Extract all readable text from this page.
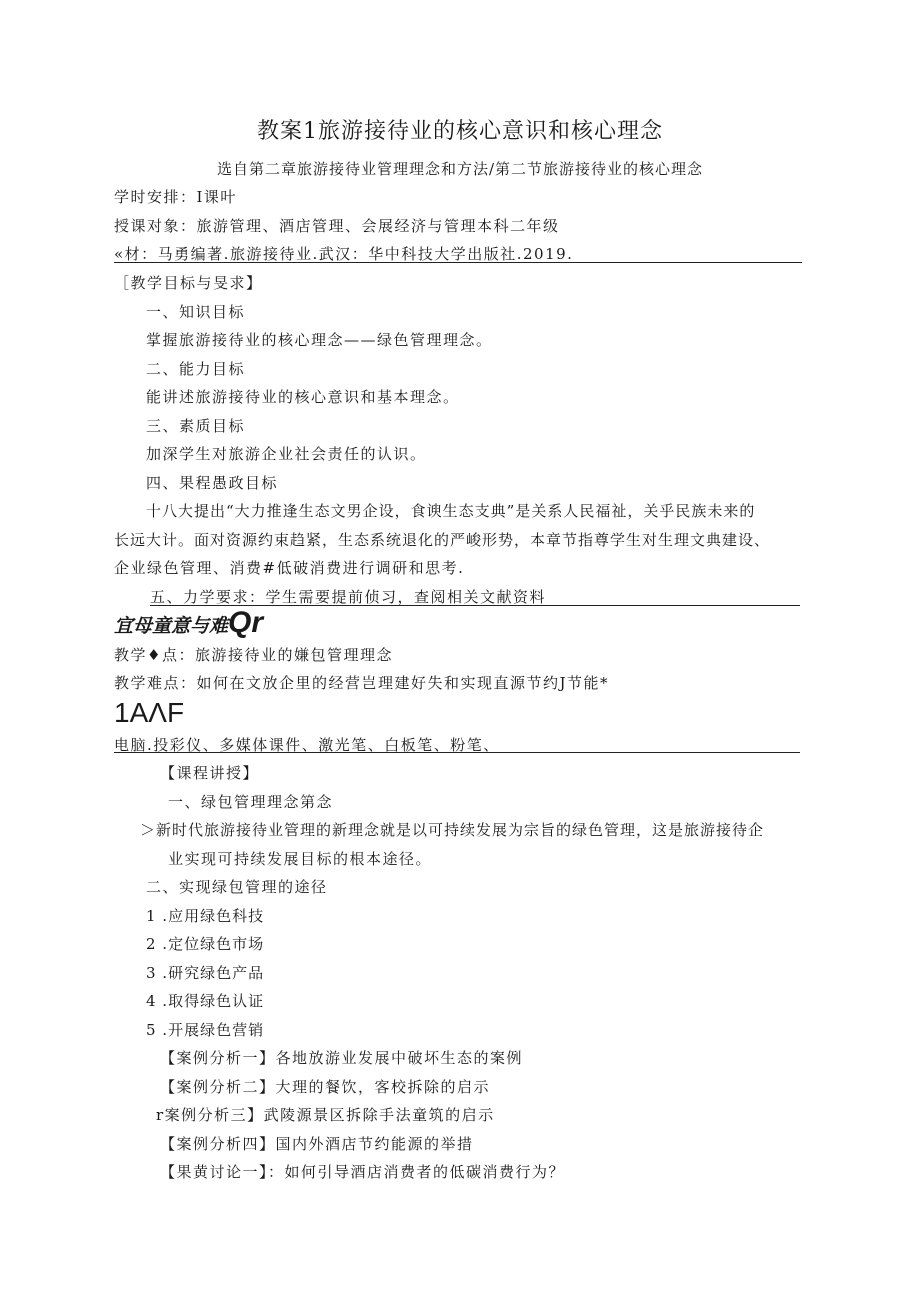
教案1旅游接待业的核心意识和核心理念
选自第二章旅游接待业管理理念和方法/第二节旅游接待业的核心理念
学时安排：I课叶
授课对象：旅游管理、酒店管理、会展经济与管理本科二年级
«材：马勇编著.旅游接待业.武汉：华中科技大学出版社.2019.
［教学目标与旻求】
一、知识目标
掌握旅游接待业的核心理念——绿色管理理念。
二、能力目标
能讲述旅游接待业的核心意识和基本理念。
三、素质目标
加深学生对旅游企业社会责任的认识。
四、果程愚政目标
十八大提出“大力推逢生态文男企设，食谀生态支典”是关系人民福祉，关乎民族未来的
长远大计。面对资源约束趋紧，生态系统退化的严峻形势，本章节指尊学生对生理文典建设、
企业绿色管理、消费#低破消费进行调研和思考.
五、力学要求：学生需要提前侦习，查阅相关文献资料
宜母童意与难Qr
教学♦点：旅游接待业的嫌包管理理念
教学难点：如何在文放企里的经营岂理建好失和实现直源节约J节能*
1AΛF
电脑.投彩仪、多媒体课件、激光笔、白板笔、粉笔、
【课程讲授】
一、绿包管理理念第念
＞新时代旅游接待业管理的新理念就是以可持续发展为宗旨的绿色管理，这是旅游接待企
业实现可持续发展目标的根本途径。
二、实现绿包管理的途径
1 .应用绿色科技
2 .定位绿色市场
3 .研究绿色产品
4 .取得绿色认证
5 .开展绿色营销
【案例分析一】各地放游业发展中破坏生态的案例
【案例分析二】大理的餐饮，客校拆除的启示
r案例分析三】武陵源景区拆除手法童筑的启示
【案例分析四】国内外酒店节约能源的举措
【果黄讨论一】：如何引导酒店消费者的低碳消费行为？
